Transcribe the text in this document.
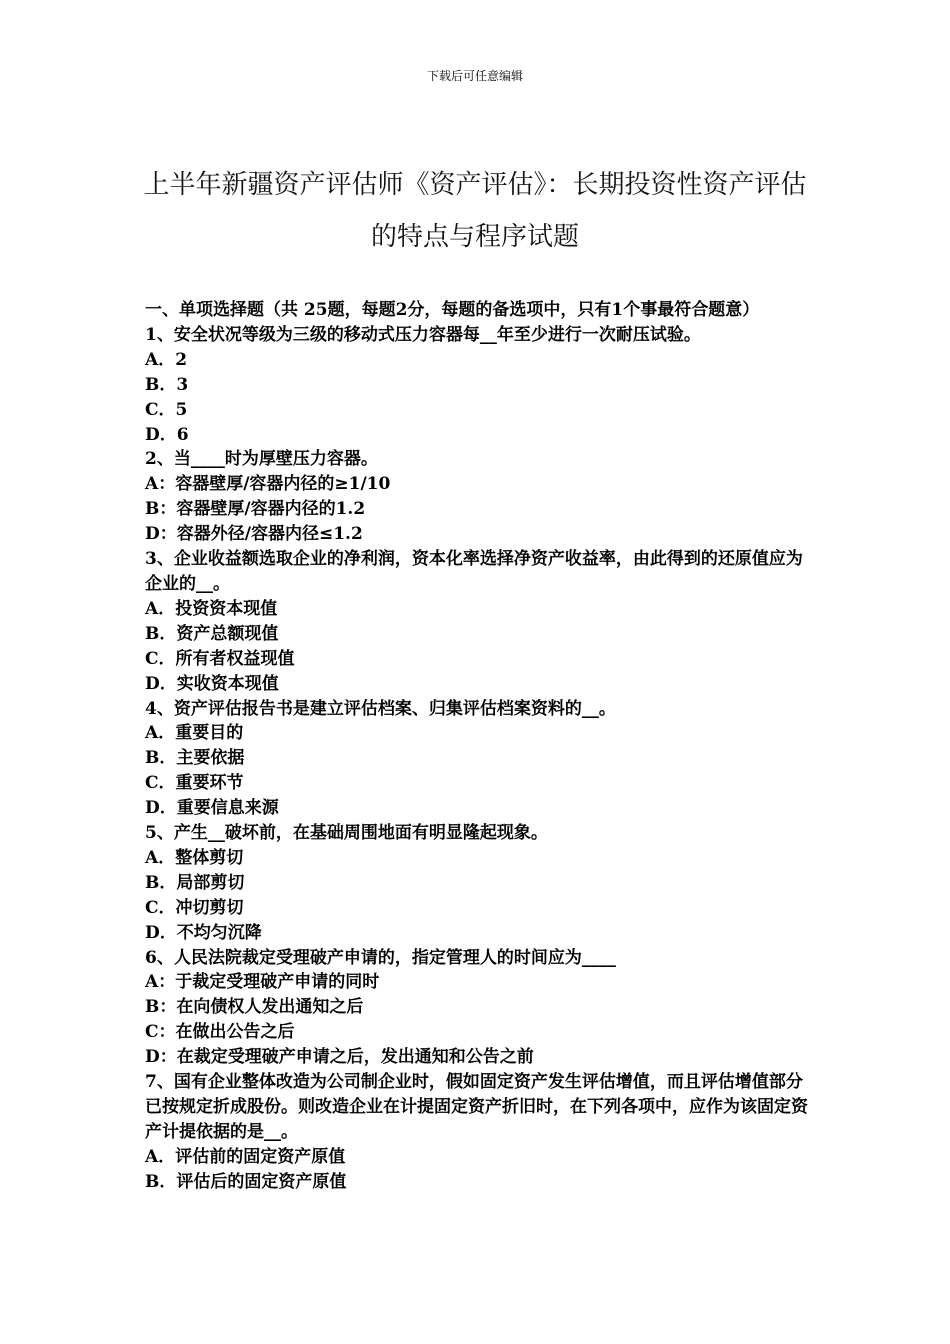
下载后可任意编辑
上半年新疆资产评估师《资产评估》：长期投资性资产评估的特点与程序试题

一、单项选择题（共 25题，每题2分，每题的备选项中，只有1个事最符合题意）

1、安全状况等级为三级的移动式压力容器每__年至少进行一次耐压试验。

A．2

B．3

C．5

D．6

2、当____时为厚壁压力容器。

A：容器壁厚/容器内径的≥1/10

B：容器壁厚/容器内径的1.2

D：容器外径/容器内径≤1.2

3、企业收益额选取企业的净利润，资本化率选择净资产收益率，由此得到的还原值应为企业的__。

A．投资资本现值

B．资产总额现值

C．所有者权益现值

D．实收资本现值

4、资产评估报告书是建立评估档案、归集评估档案资料的__。

A．重要目的

B．主要依据

C．重要环节

D．重要信息来源

5、产生__破坏前，在基础周围地面有明显隆起现象。

A．整体剪切

B．局部剪切

C．冲切剪切

D．不均匀沉降

6、人民法院裁定受理破产申请的，指定管理人的时间应为____

A：于裁定受理破产申请的同时

B：在向债权人发出通知之后

C：在做出公告之后

D：在裁定受理破产申请之后，发出通知和公告之前

7、国有企业整体改造为公司制企业时，假如固定资产发生评估增值，而且评估增值部分已按规定折成股份。则改造企业在计提固定资产折旧时，在下列各项中，应作为该固定资产计提依据的是__。

A．评估前的固定资产原值

B．评估后的固定资产原值
